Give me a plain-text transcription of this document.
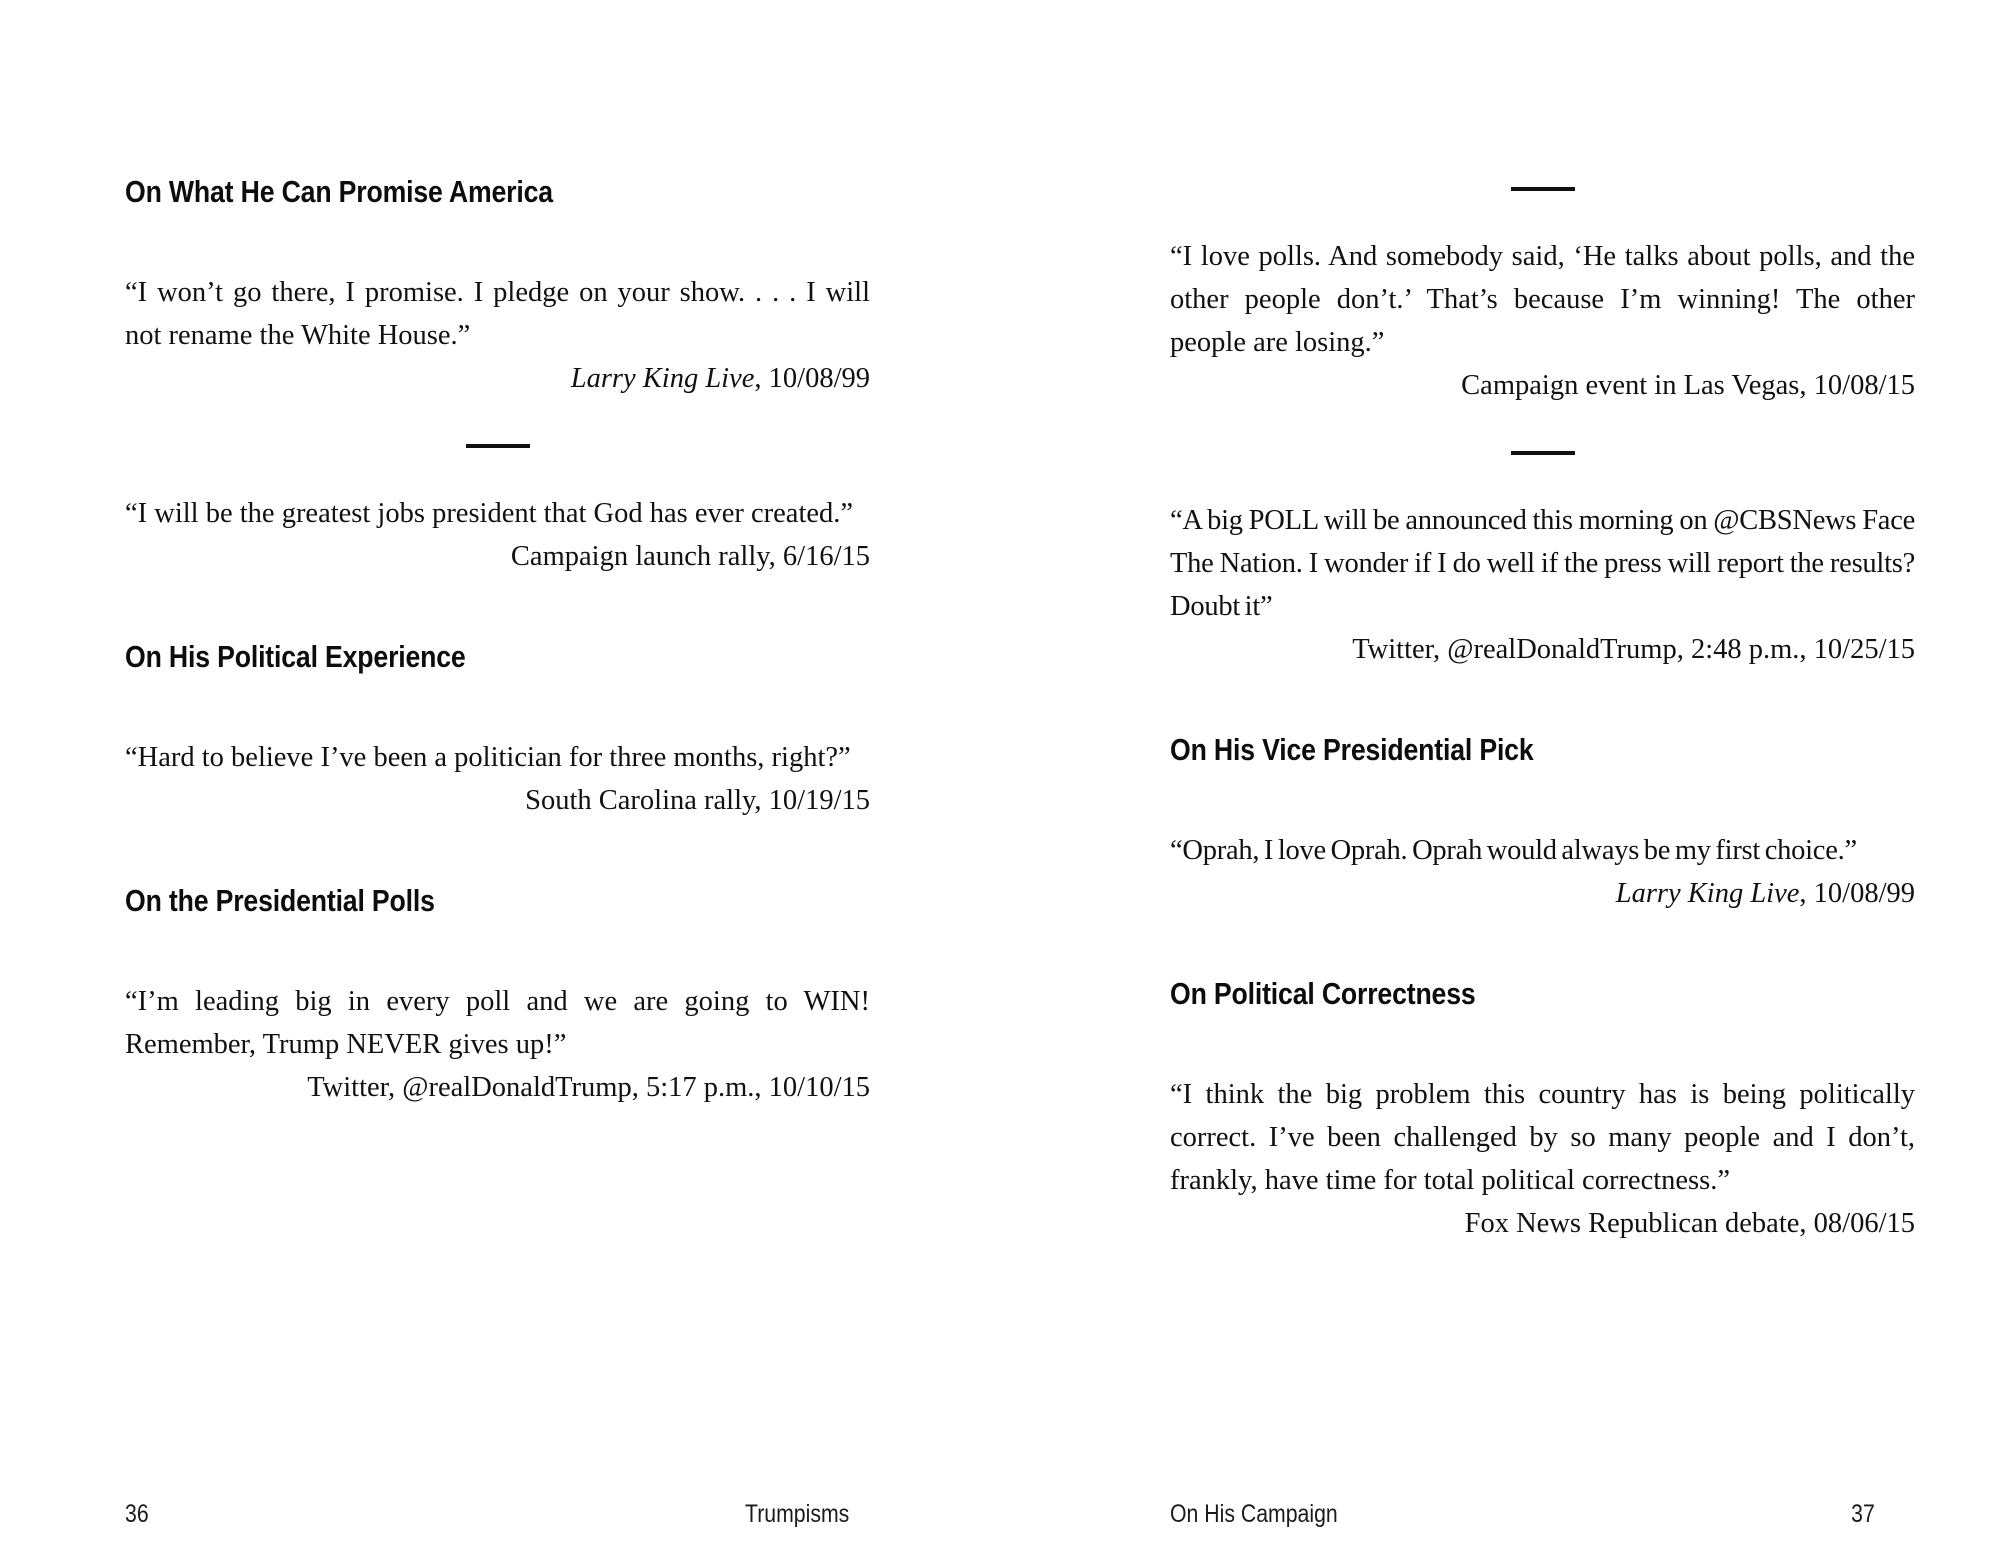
On What He Can Promise America

“I won’t go there, I promise. I pledge on your show. . . . I will not rename the White House.”

Larry King Live, 10/08/99

“I will be the greatest jobs president that God has ever created.”

Campaign launch rally, 6/16/15

On His Political Experience

“Hard to believe I’ve been a politician for three months, right?”

South Carolina rally, 10/19/15

On the Presidential Polls

“I’m leading big in every poll and we are going to WIN! Remember, Trump NEVER gives up!”

Twitter, @realDonaldTrump, 5:17 p.m., 10/10/15

36	Trumpisms

“I love polls. And somebody said, ‘He talks about polls, and the other people don’t.’ That’s because I’m winning! The other people are losing.”

Campaign event in Las Vegas, 10/08/15

“A big POLL will be announced this morning on @CBSNews Face The Nation. I wonder if I do well if the press will report the results? Doubt it”

Twitter, @realDonaldTrump, 2:48 p.m., 10/25/15

On His Vice Presidential Pick

“Oprah, I love Oprah. Oprah would always be my first choice.”

Larry King Live, 10/08/99

On Political Correctness

“I think the big problem this country has is being politically correct. I’ve been challenged by so many people and I don’t, frankly, have time for total political correctness.”

Fox News Republican debate, 08/06/15

On His Campaign	37
